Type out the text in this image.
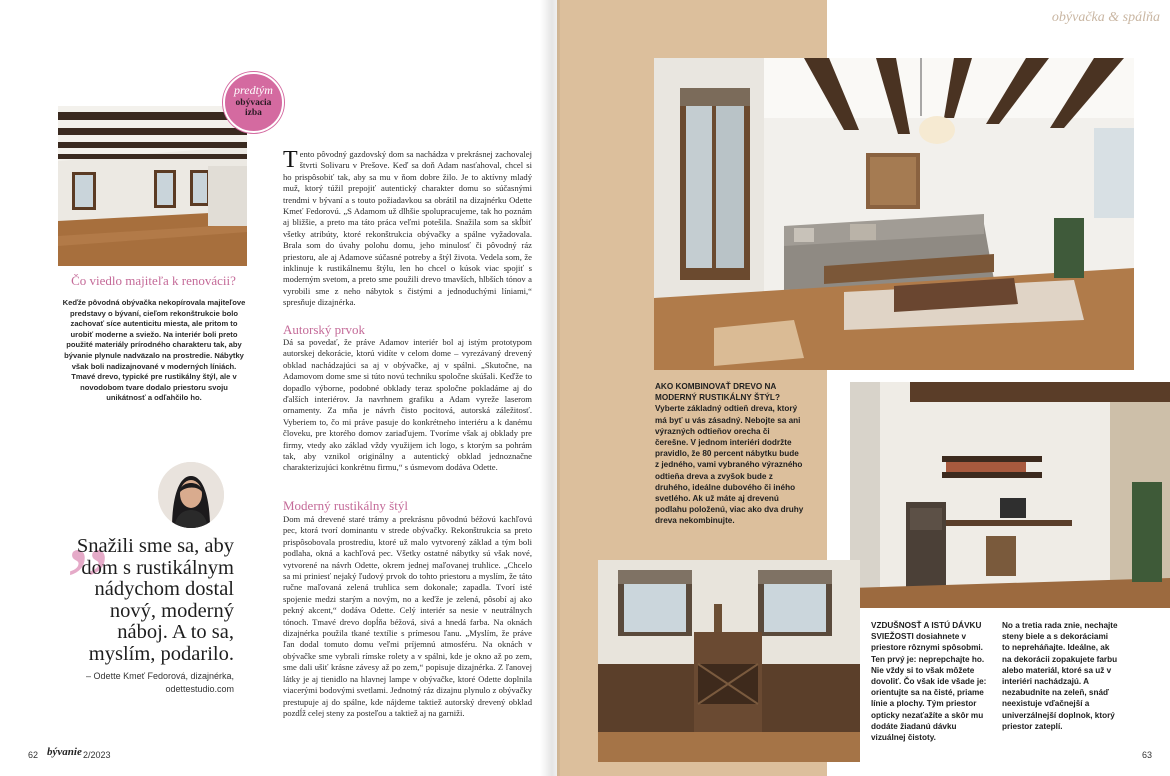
obývačka & spálňa
predtým
obývacia
izba
Čo viedlo majiteľa k renovácii?
Keďže pôvodná obývačka nekopírovala majiteľove predstavy o bývaní, cieľom rekonštrukcie bolo zachovať síce autenticitu miesta, ale pritom to urobiť moderne a sviežo. Na interiér boli preto použité materiály prírodného charakteru tak, aby bývanie plynule nadväzalo na prostredie. Nábytky však boli nadizajnované v moderných líniách. Tmavé drevo, typické pre rustikálny štýl, ale v novodobom tvare dodalo priestoru svoju unikátnosť a odľahčilo ho.
„
Snažili sme sa, aby dom s rustikálnym nádychom dostal nový, moderný náboj. A to sa, myslím, podarilo.
– Odette Kmeť Fedorová, dizajnérka,
odettestudio.com
Tento pôvodný gazdovský dom sa nachádza v prekrásnej zachovalej štvrti Solivaru v Prešove. Keď sa doň Adam nasťahoval, chcel si ho prispôsobiť tak, aby sa mu v ňom dobre žilo. Je to aktívny mladý muž, ktorý túžil prepojiť autentický charakter domu so súčasnými trendmi v bývaní a s touto požiadavkou sa obrátil na dizajnérku Odette Kmeť Fedorovú. „S Adamom už dlhšie spolupracujeme, tak ho poznám aj bližšie, a preto ma táto práca veľmi potešila. Snažila som sa skĺbiť všetky atribúty, ktoré rekonštrukcia obývačky a spálne vyžadovala. Brala som do úvahy polohu domu, jeho minulosť či pôvodný ráz priestoru, ale aj Adamove súčasné potreby a štýl života. Vedela som, že inklinuje k rustikálnemu štýlu, len ho chcel o kúsok viac spojiť s moderným svetom, a preto sme použili drevo tmavších, hlbších tónov a vyrobili sme z neho nábytok s čistými a jednoduchými líniami,“ spresňuje dizajnérka.
Autorský prvok
Dá sa povedať, že práve Adamov interiér bol aj istým prototypom autorskej dekorácie, ktorú vidíte v celom dome – vyrezávaný drevený obklad nachádzajúci sa aj v obývačke, aj v spálni. „Skutočne, na Adamovom dome sme si túto novú techniku spoločne skúšali. Keďže to dopadlo výborne, podobné obklady teraz spoločne pokladáme aj do ďalších interiérov. Ja navrhnem grafiku a Adam vyreže laserom ornamenty. Za mňa je návrh čisto pocitová, autorská záležitosť. Vyberiem to, čo mi práve pasuje do konkrétneho interiéru a k danému človeku, pre ktorého domov zariaďujem. Tvoríme však aj obklady pre firmy, vtedy ako základ vždy využijem ich logo, s ktorým sa pohrám tak, aby vznikol originálny a autentický obklad jednoznačne charakterizujúci konkrétnu firmu,“ s úsmevom dodáva Odette.
Moderný rustikálny štýl
Dom má drevené staré trámy a prekrásnu pôvodnú béžovú kachľovú pec, ktorá tvorí dominantu v strede obývačky. Rekonštrukcia sa preto prispôsobovala prostrediu, ktoré už malo vytvorený základ a tým boli podlaha, okná a kachľová pec. Všetky ostatné nábytky sú však nové, vytvorené na návrh Odette, okrem jednej maľovanej truhlice. „Chcelo sa mi priniesť nejaký ľudový prvok do tohto priestoru a myslím, že táto ručne maľovaná zelená truhlica sem dokonale; zapadla. Tvorí isté spojenie medzi starým a novým, no a keďže je zelená, pôsobí aj ako pekný akcent,“ dodáva Odette. Celý interiér sa nesie v neutrálnych tónoch. Tmavé drevo dopĺňa béžová, sivá a hnedá farba. Na oknách dizajnérka použila tkané textílie s prímesou ľanu. „Myslím, že práve ľan dodal tomuto domu veľmi príjemnú atmosféru. Na oknách v obývačke sme vybrali rímske rolety a v spálni, kde je okno až po zem, sme dali ušiť krásne závesy až po zem,“ popisuje dizajnérka. Z ľanovej látky je aj tienidlo na hlavnej lampe v obývačke, ktoré Odette doplnila viacerými bodovými svetlami. Jednotný ráz dizajnu plynulo z obývačky prestupuje aj do spálne, kde nájdeme taktiež autorský drevený obklad pozdĺž celej steny za posteľou a taktiež aj na garniži.
AKO KOMBINOVAŤ DREVO NA MODERNÝ RUSTIKÁLNY ŠTÝL?
Vyberte základný odtieň dreva, ktorý má byť u vás zásadný. Nebojte sa ani výrazných odtieňov orecha či čerešne. V jednom interiéri dodržte pravidlo, že 80 percent nábytku bude z jedného, vami vybraného výrazného odtieňa dreva a zvyšok bude z druhého, ideálne dubového či iného svetlého. Ak už máte aj drevenú podlahu položenú, viac ako dva druhy dreva nekombinujte.
VZDUŠNOSŤ A ISTÚ DÁVKU SVIEŽOSTI dosiahnete v priestore rôznymi spôsobmi. Ten prvý je: neprepchajte ho. Nie vždy si to však môžete dovoliť. Čo však ide všade je: orientujte sa na čisté, priame línie a plochy. Tým priestor opticky nezaťažíte a skôr mu dodáte žiadanú dávku vizuálnej čistoty.
No a tretia rada znie, nechajte steny biele a s dekoráciami to nepreháňajte. Ideálne, ak na dekorácii zopakujete farbu alebo materiál, ktoré sa už v interiéri nachádzajú. A nezabudnite na zeleň, snáď neexistuje vďačnejší a univerzálnejší doplnok, ktorý priestor zateplí.
62 bývanie 2/2023	63
